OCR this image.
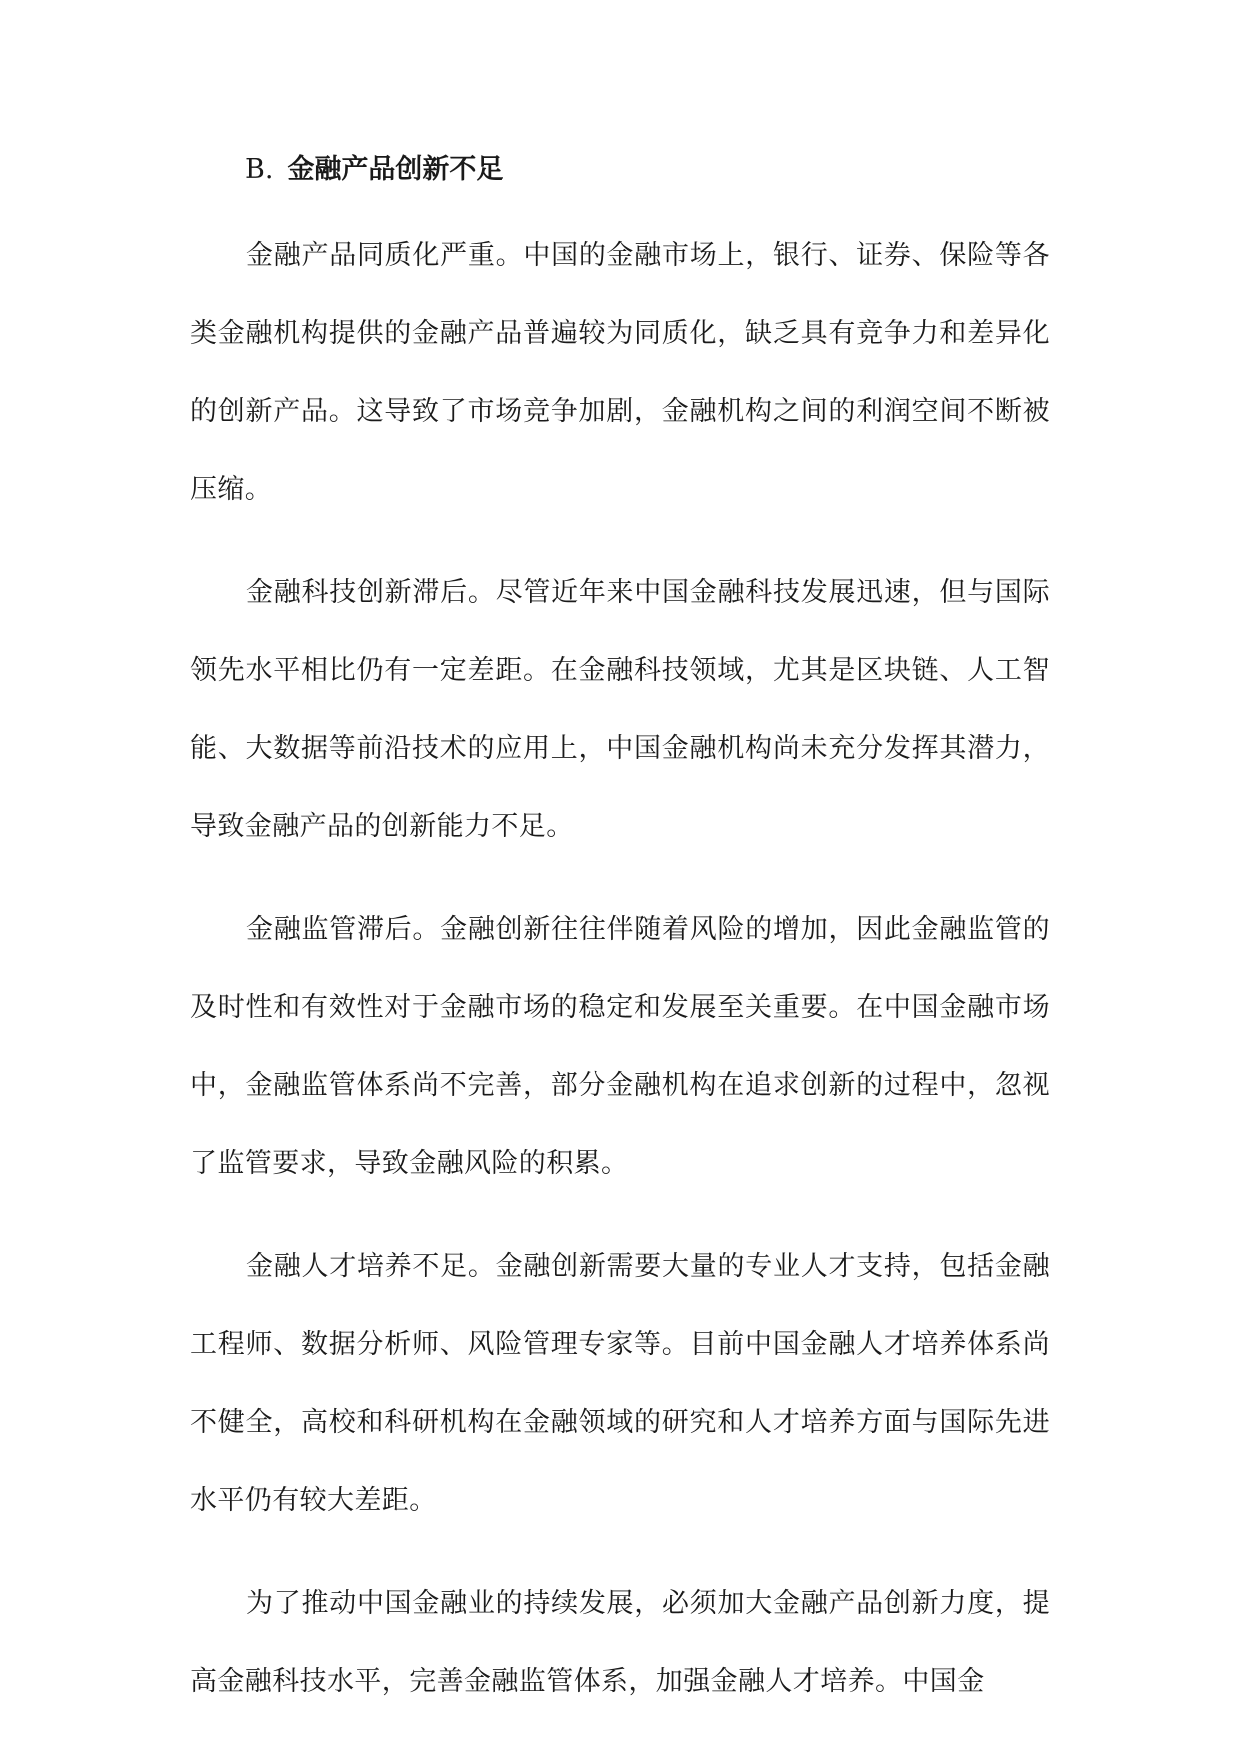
B. 金融产品创新不足

金融产品同质化严重。中国的金融市场上，银行、证券、保险等各类金融机构提供的金融产品普遍较为同质化，缺乏具有竞争力和差异化的创新产品。这导致了市场竞争加剧，金融机构之间的利润空间不断被压缩。

金融科技创新滞后。尽管近年来中国金融科技发展迅速，但与国际领先水平相比仍有一定差距。在金融科技领域，尤其是区块链、人工智能、大数据等前沿技术的应用上，中国金融机构尚未充分发挥其潜力，导致金融产品的创新能力不足。

金融监管滞后。金融创新往往伴随着风险的增加，因此金融监管的及时性和有效性对于金融市场的稳定和发展至关重要。在中国金融市场中，金融监管体系尚不完善，部分金融机构在追求创新的过程中，忽视了监管要求，导致金融风险的积累。

金融人才培养不足。金融创新需要大量的专业人才支持，包括金融工程师、数据分析师、风险管理专家等。目前中国金融人才培养体系尚不健全，高校和科研机构在金融领域的研究和人才培养方面与国际先进水平仍有较大差距。

为了推动中国金融业的持续发展，必须加大金融产品创新力度，提高金融科技水平，完善金融监管体系，加强金融人才培养。中国金
